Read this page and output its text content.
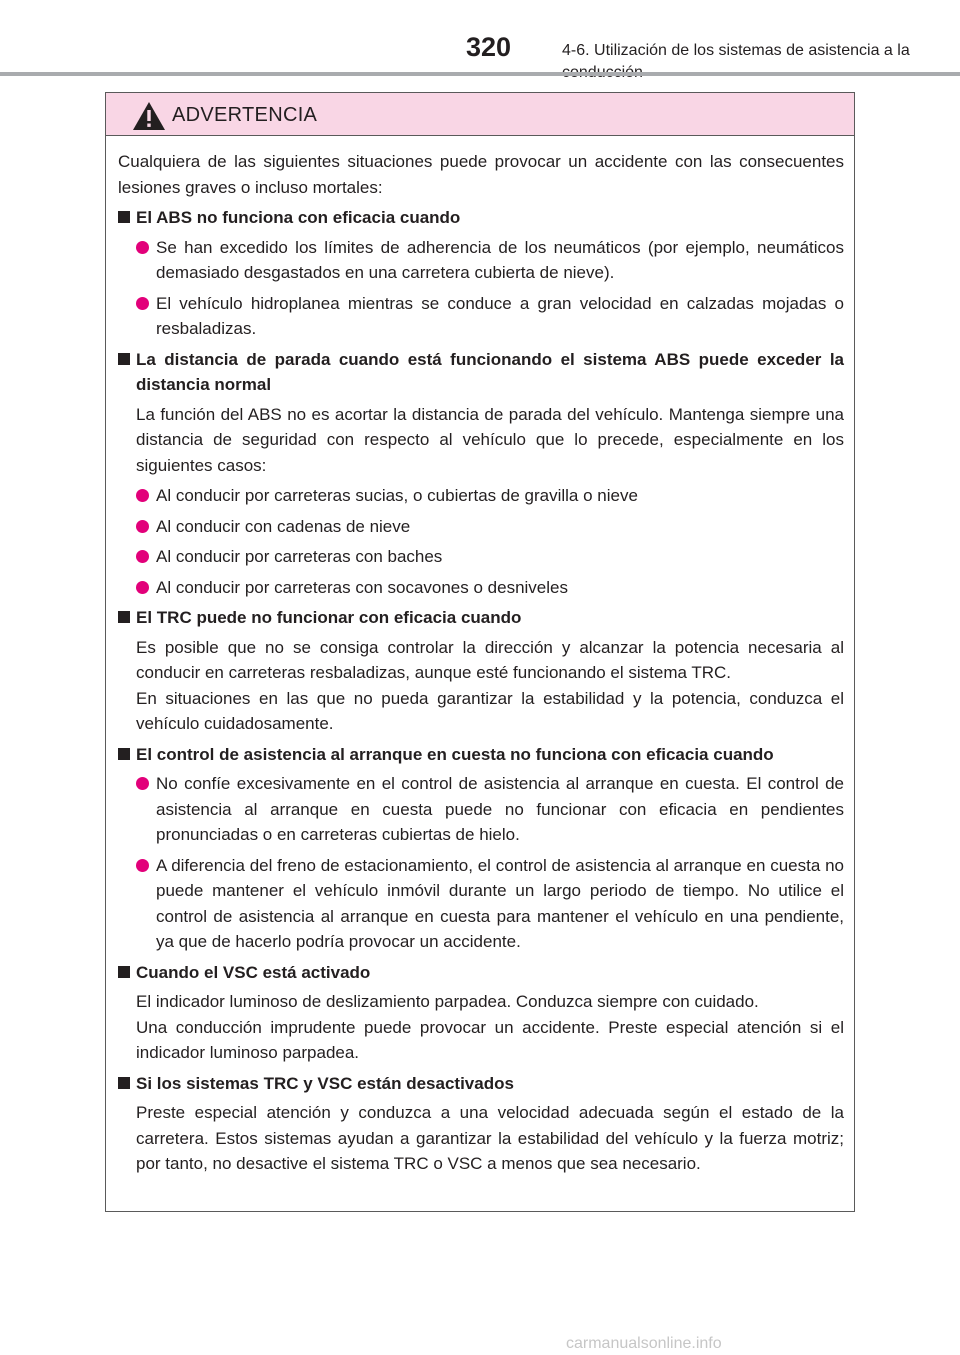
320	4-6. Utilización de los sistemas de asistencia a la
ADVERTENCIA
Cualquiera de las siguientes situaciones puede provocar un accidente con las consecuentes lesiones graves o incluso mortales:
El ABS no funciona con eficacia cuando
Se han excedido los límites de adherencia de los neumáticos (por ejemplo, neumáticos demasiado desgastados en una carretera cubierta de nieve).
El vehículo hidroplanea mientras se conduce a gran velocidad en calzadas mojadas o resbaladizas.
La distancia de parada cuando está funcionando el sistema ABS puede exceder la distancia normal
La función del ABS no es acortar la distancia de parada del vehículo. Mantenga siempre una distancia de seguridad con respecto al vehículo que lo precede, especialmente en los siguientes casos:
Al conducir por carreteras sucias, o cubiertas de gravilla o nieve
Al conducir con cadenas de nieve
Al conducir por carreteras con baches
Al conducir por carreteras con socavones o desniveles
El TRC puede no funcionar con eficacia cuando
Es posible que no se consiga controlar la dirección y alcanzar la potencia necesaria al conducir en carreteras resbaladizas, aunque esté funcionando el sistema TRC.
En situaciones en las que no pueda garantizar la estabilidad y la potencia, conduzca el vehículo cuidadosamente.
El control de asistencia al arranque en cuesta no funciona con eficacia cuando
No confíe excesivamente en el control de asistencia al arranque en cuesta. El control de asistencia al arranque en cuesta puede no funcionar con eficacia en pendientes pronunciadas o en carreteras cubiertas de hielo.
A diferencia del freno de estacionamiento, el control de asistencia al arranque en cuesta no puede mantener el vehículo inmóvil durante un largo periodo de tiempo. No utilice el control de asistencia al arranque en cuesta para mantener el vehículo en una pendiente, ya que de hacerlo podría provocar un accidente.
Cuando el VSC está activado
El indicador luminoso de deslizamiento parpadea. Conduzca siempre con cuidado.
Una conducción imprudente puede provocar un accidente. Preste especial atención si el indicador luminoso parpadea.
Si los sistemas TRC y VSC están desactivados
Preste especial atención y conduzca a una velocidad adecuada según el estado de la carretera. Estos sistemas ayudan a garantizar la estabilidad del vehículo y la fuerza motriz; por tanto, no desactive el sistema TRC o VSC a menos que sea necesario.
carmanualsonline.info
